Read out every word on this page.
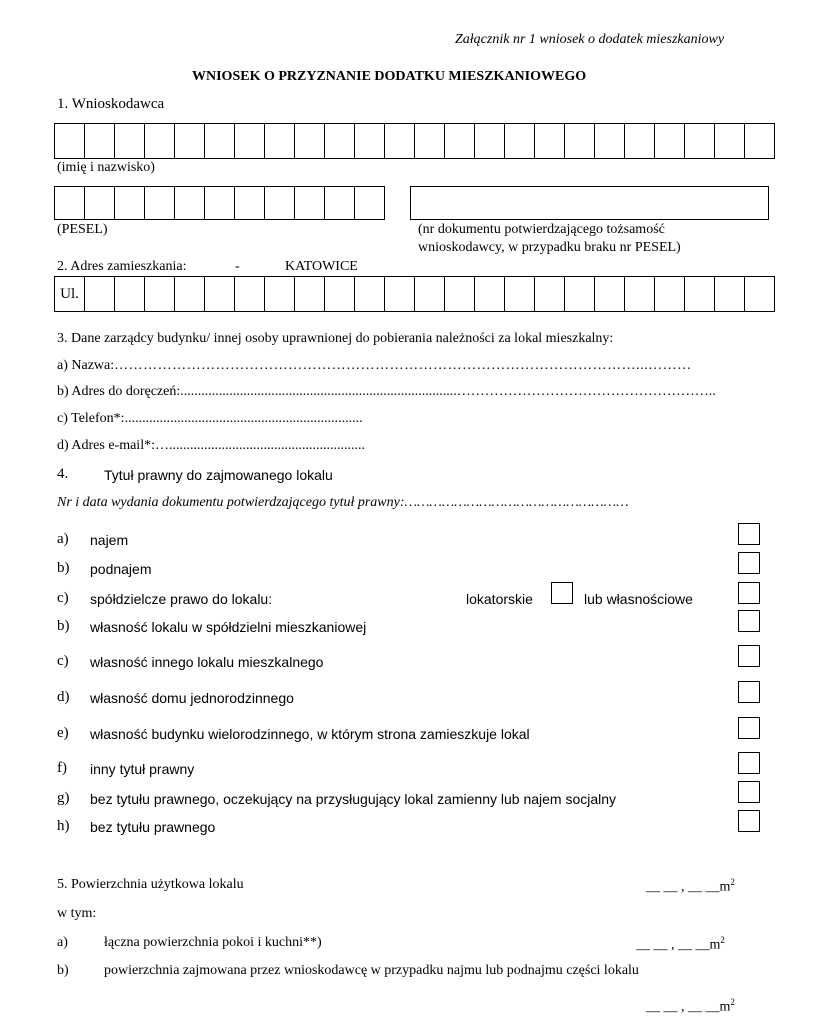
Załącznik nr 1 wniosek o dodatek mieszkaniowy
WNIOSEK O PRZYZNANIE DODATKU MIESZKANIOWEGO
1. Wnioskodawca
(imię i nazwisko)
(PESEL)	(nr dokumentu potwierdzającego tożsamość
wnioskodawcy, w przypadku braku nr PESEL)
2. Adres zamieszkania:	-	KATOWICE
Ul.
3. Dane zarządcy budynku/ innej osoby uprawnionej do pobierania należności za lokal mieszkalny:
a) Nazwa:………………………………………………………………………………………………...………
b) Adres do doręczeń:...............................................................................………………………………………………..
c) Telefon*:....................................................................
d) Adres e-mail*:…........................................................
4.	Tytuł prawny do zajmowanego lokalu
Nr i data wydania dokumentu potwierdzającego tytuł prawny:………………………………………………
a) najem
b) podnajem
c) spółdzielcze prawo do lokalu:	lokatorskie	lub własnościowe
b) własność lokalu w spółdzielni mieszkaniowej
c) własność innego lokalu mieszkalnego
d) własność domu jednorodzinnego
e) własność budynku wielorodzinnego, w którym strona zamieszkuje lokal
f) inny tytuł prawny
g) bez tytułu prawnego, oczekujący na przysługujący lokal zamienny lub najem socjalny
h) bez tytułu prawnego
5. Powierzchnia użytkowa lokalu	__ __ , __ $\_\_m^2$
w tym:
a)	łączna powierzchnia pokoi i kuchni**)	__ __ , __ $\_\_m^2$
b)	powierzchnia zajmowana przez wnioskodawcę w przypadku najmu lub podnajmu części lokalu
__ __ , __ $\_\_m^2$
